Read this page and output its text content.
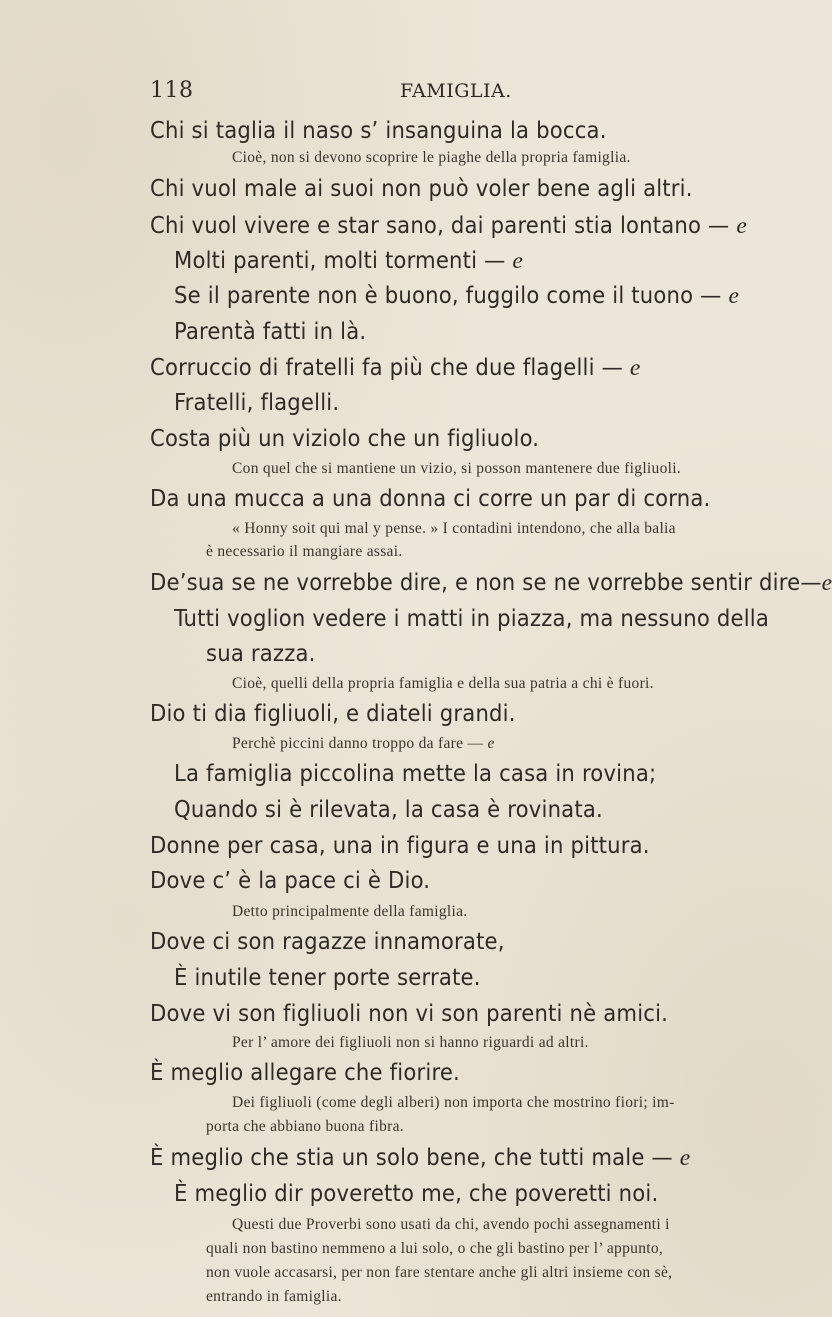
118	FAMIGLIA.
Chi si taglia il naso s’ insanguina la bocca.
Cioè, non si devono scoprire le piaghe della propria famiglia.
Chi vuol male ai suoi non può voler bene agli altri.
Chi vuol vivere e star sano, dai parenti stia lontano — e
Molti parenti, molti tormenti — e
Se il parente non è buono, fuggilo come il tuono — e
Parentà fatti in là.
Corruccio di fratelli fa più che due flagelli — e
Fratelli, flagelli.
Costa più un viziolo che un figliuolo.
Con quel che si mantiene un vizio, si posson mantenere due figliuoli.
Da una mucca a una donna ci corre un par di corna.
« Honny soit qui mal y pense. » I contadini intendono, che alla balia
è necessario il mangiare assai.
De’sua se ne vorrebbe dire, e non se ne vorrebbe sentir dire—e
Tutti voglion vedere i matti in piazza, ma nessuno della
sua razza.
Cioè, quelli della propria famiglia e della sua patria a chi è fuori.
Dio ti dia figliuoli, e diateli grandi.
Perchè piccini danno troppo da fare — e
La famiglia piccolina mette la casa in rovina;
Quando si è rilevata, la casa è rovinata.
Donne per casa, una in figura e una in pittura.
Dove c’ è la pace ci è Dio.
Detto principalmente della famiglia.
Dove ci son ragazze innamorate,
È inutile tener porte serrate.
Dove vi son figliuoli non vi son parenti nè amici.
Per l’ amore dei figliuoli non si hanno riguardi ad altri.
È meglio allegare che fiorire.
Dei figliuoli (come degli alberi) non importa che mostrino fiori; im-
porta che abbiano buona fibra.
È meglio che stia un solo bene, che tutti male — e
È meglio dir poveretto me, che poveretti noi.
Questi due Proverbi sono usati da chi, avendo pochi assegnamenti i
quali non bastino nemmeno a lui solo, o che gli bastino per l’ appunto,
non vuole accasarsi, per non fare stentare anche gli altri insieme con sè,
entrando in famiglia.
